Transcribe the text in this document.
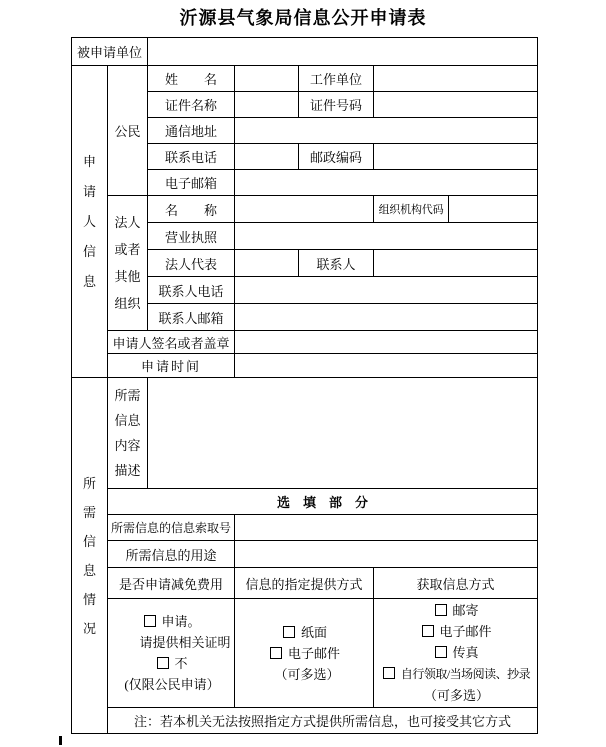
沂源县气象局信息公开申请表
被申请单位						

申请人信息	公民	姓　　名		工作单位		
		证件名称		证件号码		
		通信地址				
		联系电话		邮政编码		
		电子邮箱				

	法人或者其他组织	名　　称			组织机构代码	
		营业执照				
		法人代表		联系人		
		联系人电话				
		联系人邮箱				
	申请人签名或者盖章					
	申请时间					

所需信息情况	所需信息内容描述					

	选　填　部　分					
	所需信息的信息索取号					
	所需信息的用途					
	是否申请减免费用		信息的指定提供方式		获取信息方式	

申请。
请提供相关证明
不
(仅限公民申请）

纸面
电子邮件
（可多选）

邮寄
电子邮件
传真
自行领取/当场阅读、抄录
（可多选）

	注：若本机关无法按照指定方式提供所需信息，也可接受其它方式					
